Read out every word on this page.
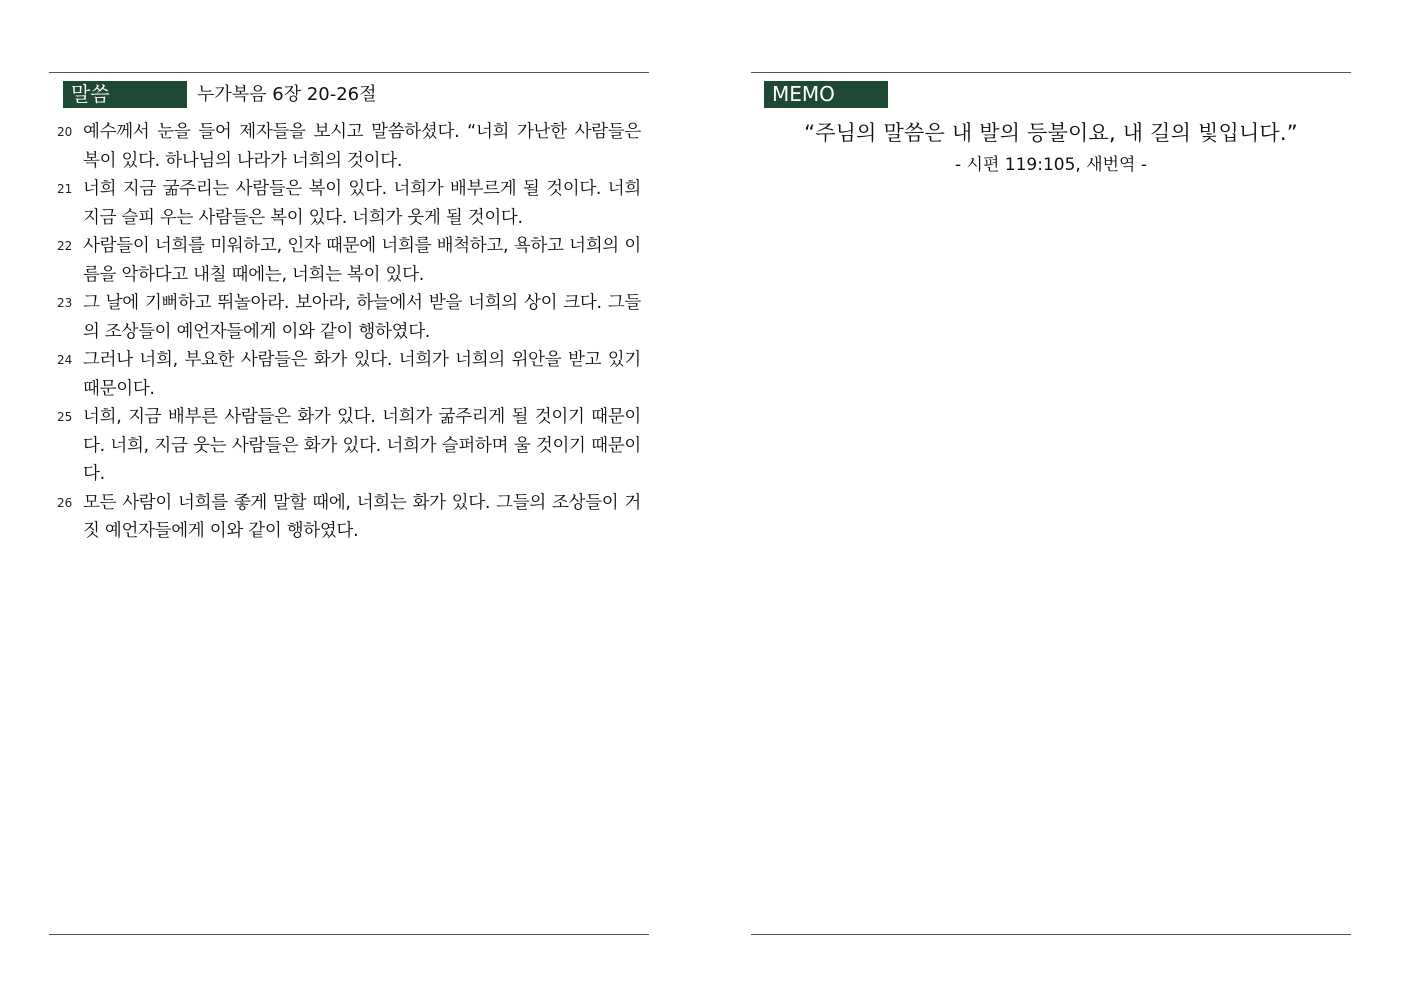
말씀	누가복음 6장 20-26절
20 예수께서 눈을 들어 제자들을 보시고 말씀하셨다. “너희 가난한 사람들은 복이 있다. 하나님의 나라가 너희의 것이다.
21 너희 지금 굶주리는 사람들은 복이 있다. 너희가 배부르게 될 것이다. 너희 지금 슬피 우는 사람들은 복이 있다. 너희가 웃게 될 것이다.
22 사람들이 너희를 미워하고, 인자 때문에 너희를 배척하고, 욕하고 너희의 이름을 악하다고 내칠 때에는, 너희는 복이 있다.
23 그 날에 기뻐하고 뛰놀아라. 보아라, 하늘에서 받을 너희의 상이 크다. 그들의 조상들이 예언자들에게 이와 같이 행하였다.
24 그러나 너희, 부요한 사람들은 화가 있다. 너희가 너희의 위안을 받고 있기 때문이다.
25 너희, 지금 배부른 사람들은 화가 있다. 너희가 굶주리게 될 것이기 때문이다. 너희, 지금 웃는 사람들은 화가 있다. 너희가 슬퍼하며 울 것이기 때문이다.
26 모든 사람이 너희를 좋게 말할 때에, 너희는 화가 있다. 그들의 조상들이 거짓 예언자들에게 이와 같이 행하였다.
MEMO
“주님의 말씀은 내 발의 등불이요, 내 길의 빛입니다.”
- 시편 119:105, 새번역 -
